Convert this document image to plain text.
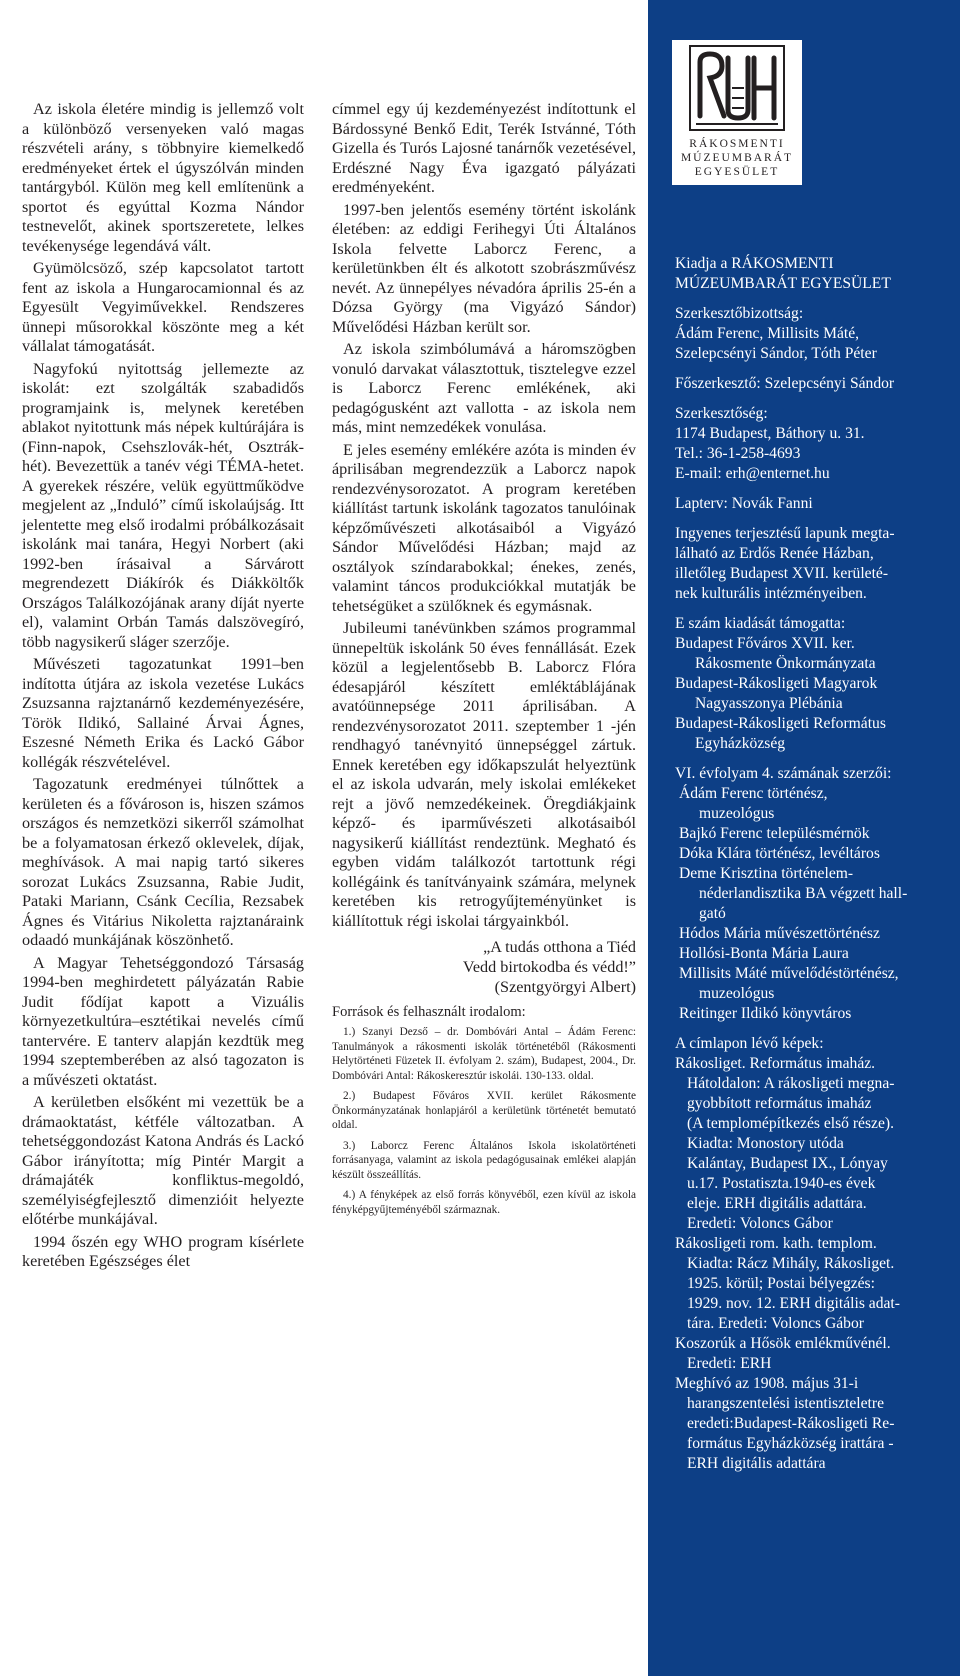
Az iskola életére mindig is jellemző volt a különböző versenyeken való magas részvételi arány, s többnyire kiemelkedő eredményeket értek el úgyszólván minden tantárgyból. Külön meg kell említenünk a sportot és egyúttal Kozma Nándor testnevelőt, akinek sportszeretete, lelkes tevékenysége legendává vált.

Gyümölcsöző, szép kapcsolatot tartott fent az iskola a Hungarocamionnal és az Egyesült Vegyiművekkel. Rendszeres ünnepi műsorokkal köszönte meg a két vállalat támogatását.

Nagyfokú nyitottság jellemezte az iskolát: ezt szolgálták szabadidős programjaink is, melynek keretében ablakot nyitottunk más népek kultúrájára is (Finn-napok, Csehszlovák-hét, Osztrák-hét). Bevezettük a tanév végi TÉMA-hetet. A gyerekek részére, velük együttműködve megjelent az „Induló” című iskolaújság. Itt jelentette meg első irodalmi próbálkozásait iskolánk mai tanára, Hegyi Norbert (aki 1992-ben írásaival a Sárvárott megrendezett Diákírók és Diákköltők Országos Találkozójának arany díját nyerte el), valamint Orbán Tamás dalszövegíró, több nagysikerű sláger szerzője.

Művészeti tagozatunkat 1991–ben indította útjára az iskola vezetése Lukács Zsuzsanna rajztanárnő kezdeményezésére, Török Ildikó, Sallainé Árvai Ágnes, Eszesné Németh Erika és Lackó Gábor kollégák részvételével.

Tagozatunk eredményei túlnőttek a kerületen és a fővároson is, hiszen számos országos és nemzetközi sikerről számolhat be a folyamatosan érkező oklevelek, díjak, meghívások. A mai napig tartó sikeres sorozat Lukács Zsuzsanna, Rabie Judit, Pataki Mariann, Csánk Cecília, Rezsabek Ágnes és Vitárius Nikoletta rajztanáraink odaadó munkájának köszönhető.

A Magyar Tehetséggondozó Társaság 1994-ben meghirdetett pályázatán Rabie Judit fődíjat kapott a Vizuális környezetkultúra–esztétikai nevelés című tantervére. E tanterv alapján kezdtük meg 1994 szeptemberében az alsó tagozaton is a művészeti oktatást.

A kerületben elsőként mi vezettük be a drámaoktatást, kétféle változatban. A tehetséggondozást Katona András és Lackó Gábor irányította; míg Pintér Margit a drámajáték konfliktus-megoldó, személyiségfejlesztő dimenzióit helyezte előtérbe munkájával.

1994 őszén egy WHO program kísérlete keretében Egészséges élet

címmel egy új kezdeményezést indítottunk el Bárdossyné Benkő Edit, Terék Istvánné, Tóth Gizella és Turós Lajosné tanárnők vezetésével, Erdészné Nagy Éva igazgató pályázati eredményeként.

1997-ben jelentős esemény történt iskolánk életében: az eddigi Ferihegyi Úti Általános Iskola felvette Laborcz Ferenc, a kerületünkben élt és alkotott szobrászművész nevét. Az ünnepélyes névadóra április 25-én a Dózsa György (ma Vigyázó Sándor) Művelődési Házban került sor.

Az iskola szimbólumává a háromszögben vonuló darvakat választottuk, tisztelegve ezzel is Laborcz Ferenc emlékének, aki pedagógusként azt vallotta - az iskola nem más, mint nemzedékek vonulása.

E jeles esemény emlékére azóta is minden év áprilisában megrendezzük a Laborcz napok rendezvénysorozatot. A program keretében kiállítást tartunk iskolánk tagozatos tanulóinak képzőművészeti alkotásaiból a Vigyázó Sándor Művelődési Házban; majd az osztályok színdarabokkal; énekes, zenés, valamint táncos produkciókkal mutatják be tehetségüket a szülőknek és egymásnak.

Jubileumi tanévünkben számos programmal ünnepeltük iskolánk 50 éves fennállását. Ezek közül a legjelentősebb B. Laborcz Flóra édesapjáról készített emléktáblájának avatóünnepsége 2011 áprilisában. A rendezvénysorozatot 2011. szeptember 1 -jén rendhagyó tanévnyitó ünnepséggel zártuk. Ennek keretében egy időkapszulát helyeztünk el az iskola udvarán, mely iskolai emlékeket rejt a jövő nemzedékeinek. Öregdiákjaink képző- és iparművészeti alkotásaiból nagysikerű kiállítást rendeztünk. Megható és egyben vidám találkozót tartottunk régi kollégáink és tanítványaink számára, melynek keretében kis retrogyűjteményünket is kiállítottuk régi iskolai tárgyainkból.

„A tudás otthona a Tiéd
Vedd birtokodba és védd!”
(Szentgyörgyi Albert)
Források és felhasznált irodalom:
1.) Szanyi Dezső – dr. Dombóvári Antal – Ádám Ferenc: Tanulmányok a rákosmenti iskolák történetéből (Rákosmenti Helytörténeti Füzetek II. évfolyam 2. szám), Budapest, 2004., Dr. Dombóvári Antal: Rákoskeresztúr iskolái. 130-133. oldal.
2.) Budapest Főváros XVII. kerület Rákosmente Önkormányzatának honlapjáról a kerületünk történetét bemutató oldal.
3.) Laborcz Ferenc Általános Iskola iskolatörténeti forrásanyaga, valamint az iskola pedagógusainak emlékei alapján készült összeállítás.
4.) A fényképek az első forrás könyvéből, ezen kívül az iskola fényképgyűjteményéből származnak.
RÁKOSMENTI
MÚZEUMBARÁT
EGYESÜLET
Kiadja a RÁKOSMENTI
MÚZEUMBARÁT EGYESÜLET
Szerkesztőbizottság:
Ádám Ferenc, Millisits Máté,
Szelepcsényi Sándor, Tóth Péter
Főszerkesztő: Szelepcsényi Sándor
Szerkesztőség:
1174 Budapest, Báthory u. 31.
Tel.: 36-1-258-4693
E-mail: erh@enternet.hu
Lapterv: Novák Fanni
Ingyenes terjesztésű lapunk megta-
lálható az Erdős Renée Házban,
illetőleg Budapest XVII. kerületé-
nek kulturális intézményeiben.
E szám kiadását támogatta:
Budapest Főváros XVII. ker.
Rákosmente Önkormányzata
Budapest-Rákosligeti Magyarok
Nagyasszonya Plébánia
Budapest-Rákosligeti Református
Egyházközség
VI. évfolyam 4. számának szerzői:
Ádám Ferenc történész,
muzeológus
Bajkó Ferenc településmérnök
Dóka Klára történész, levéltáros
Deme Krisztina történelem-
néderlandisztika BA végzett hall-
gató
Hódos Mária művészettörténész
Hollósi-Bonta Mária Laura
Millisits Máté művelődéstörténész,
muzeológus
Reitinger Ildikó könyvtáros
A címlapon lévő képek:
Rákosliget. Református imaház.
Hátoldalon: A rákosligeti megna-
gyobbított református imaház
(A templomépítkezés első része).
Kiadta: Monostory utóda
Kalántay, Budapest IX., Lónyay
u.17. Postatiszta.1940-es évek
eleje. ERH digitális adattára.
Eredeti: Voloncs Gábor
Rákosligeti rom. kath. templom.
Kiadta: Rácz Mihály, Rákosliget.
1925. körül; Postai bélyegzés:
1929. nov. 12. ERH digitális adat-
tára. Eredeti: Voloncs Gábor
Koszorúk a Hősök emlékművénél.
Eredeti: ERH
Meghívó az 1908. május 31-i
harangszentelési istentiszteletre
eredeti:Budapest-Rákosligeti Re-
formátus Egyházközség irattára -
ERH digitális adattára
